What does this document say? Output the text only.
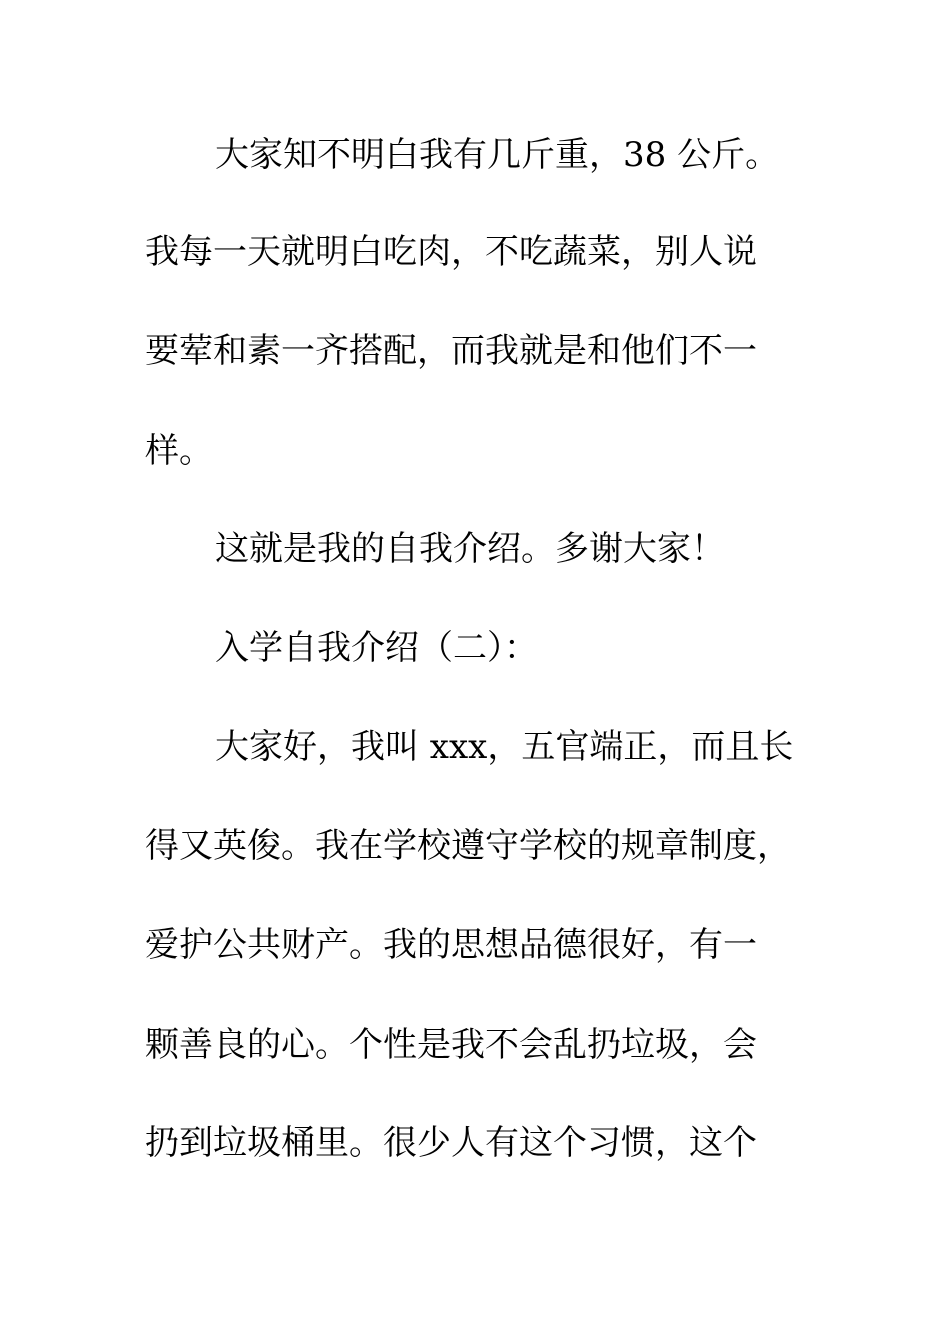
大家知不明白我有几斤重，38 公斤。
我每一天就明白吃肉，不吃蔬菜，别人说
要荤和素一齐搭配，而我就是和他们不一
样。
这就是我的自我介绍。多谢大家！
入学自我介绍（二）：
大家好，我叫 xxx，五官端正，而且长
得又英俊。我在学校遵守学校的规章制度，
爱护公共财产。我的思想品德很好，有一
颗善良的心。个性是我不会乱扔垃圾，会
扔到垃圾桶里。很少人有这个习惯，这个
